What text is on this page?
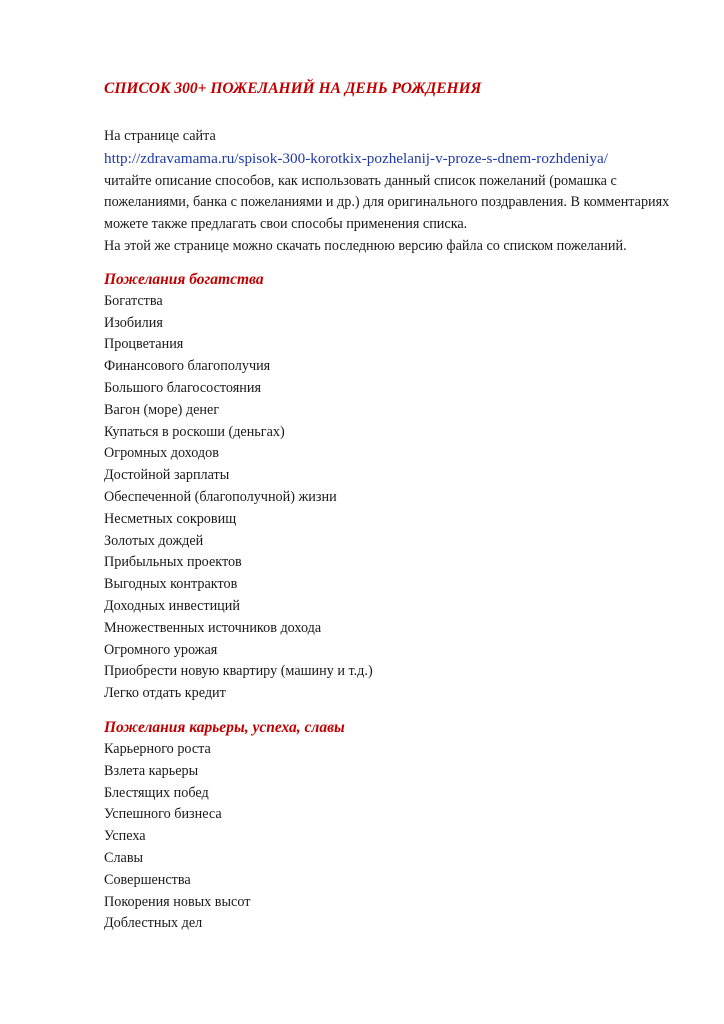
СПИСОК 300+ ПОЖЕЛАНИЙ НА ДЕНЬ РОЖДЕНИЯ

На странице сайта

http://zdravamama.ru/spisok-300-korotkix-pozhelanij-v-proze-s-dnem-rozhdeniya/

читайте описание способов, как использовать данный список пожеланий (ромашка с пожеланиями, банка с пожеланиями и др.) для оригинального поздравления. В комментариях можете также предлагать свои способы применения списка.

На этой же странице можно скачать последнюю версию файла со списком пожеланий.

Пожелания богатства
Богатства
Изобилия
Процветания
Финансового благополучия
Большого благосостояния
Вагон (море) денег
Купаться в роскоши (деньгах)
Огромных доходов
Достойной зарплаты
Обеспеченной (благополучной) жизни
Несметных сокровищ
Золотых дождей
Прибыльных проектов
Выгодных контрактов
Доходных инвестиций
Множественных источников дохода
Огромного урожая
Приобрести новую квартиру (машину и т.д.)
Легко отдать кредит
Пожелания карьеры, успеха, славы
Карьерного роста
Взлета карьеры
Блестящих побед
Успешного бизнеса
Успеха
Славы
Совершенства
Покорения новых высот
Доблестных дел
